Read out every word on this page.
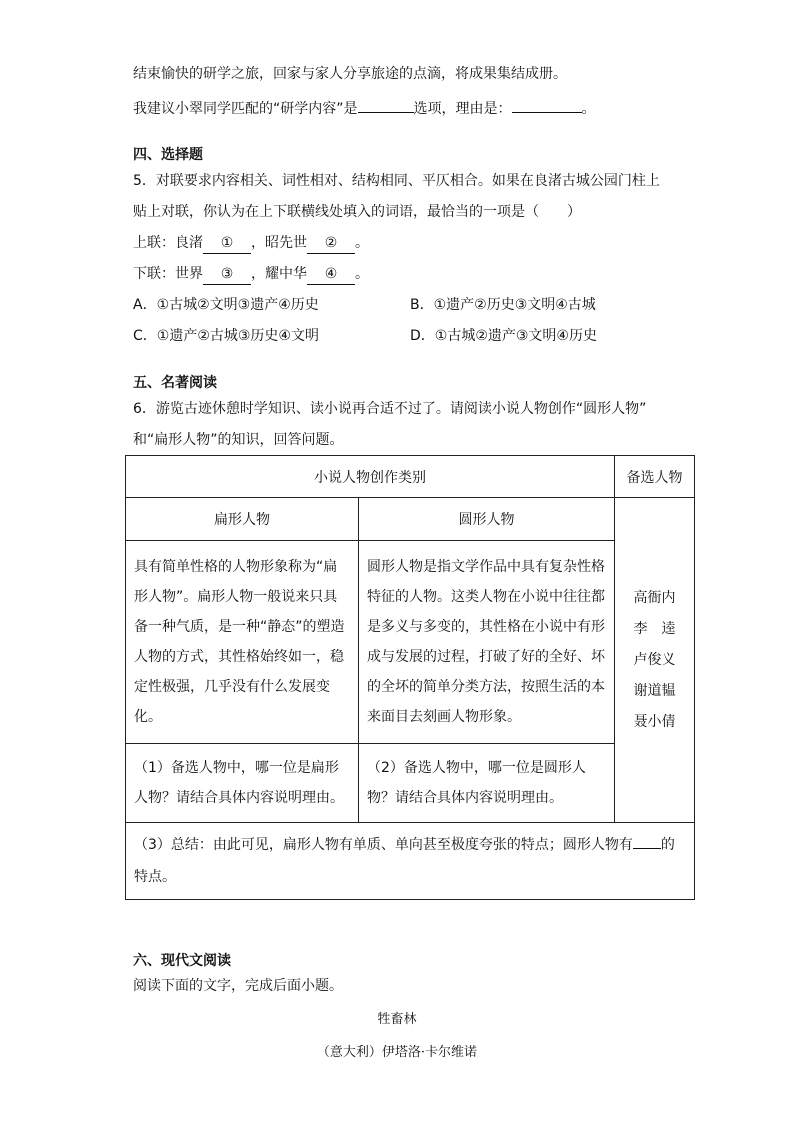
结束愉快的研学之旅，回家与家人分享旅途的点滴，将成果集结成册。
我建议小翠同学匹配的“研学内容”是	选项，理由是：	。
四、选择题
5．对联要求内容相关、词性相对、结构相同、平仄相合。如果在良渚古城公园门柱上
贴上对联，你认为在上下联横线处填入的词语，最恰当的一项是（　　）
上联：良渚 ① ，昭先世 ② 。
下联：世界 ③ ，耀中华 ④ 。
A．①古城②文明③遗产④历史	B．①遗产②历史③文明④古城
C．①遗产②古城③历史④文明	D．①古城②遗产③文明④历史
五、名著阅读
6．游览古迹休憩时学知识、读小说再合适不过了。请阅读小说人物创作“圆形人物”
和“扁形人物”的知识，回答问题。
小说人物创作类别		备选人物
扁形人物	圆形人物	高衙内
李　逵
卢俊义
谢道韫
聂小倩

具有简单性格的人物形象称为“扁形人物”。扁形人物一般说来只具备一种气质，是一种“静态”的塑造人物的方式，其性格始终如一，稳定性极强，几乎没有什么发展变化。	圆形人物是指文学作品中具有复杂性格特征的人物。这类人物在小说中往往都是多义与多变的，其性格在小说中有形成与发展的过程，打破了好的全好、坏的全坏的简单分类方法，按照生活的本来面目去刻画人物形象。	

（1）备选人物中，哪一位是扁形人物？请结合具体内容说明理由。	（2）备选人物中，哪一位是圆形人物？请结合具体内容说明理由。	

（3）总结：由此可见，扁形人物有单质、单向甚至极度夸张的特点；圆形人物有 的特点。		
六、现代文阅读
阅读下面的文字，完成后面小题。
牲畜林
（意大利）伊塔洛·卡尔维诺
